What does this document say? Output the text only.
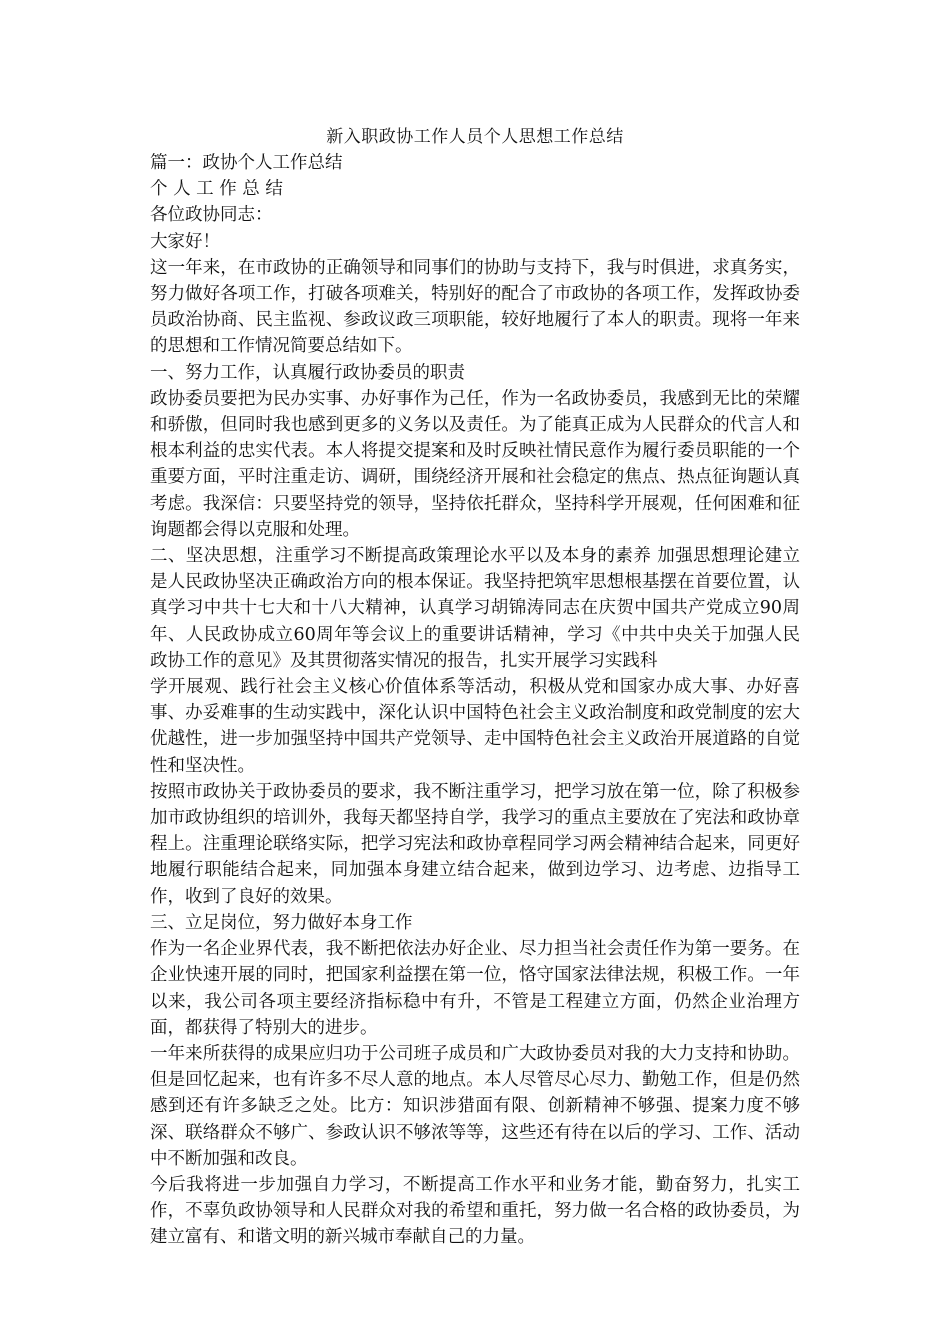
新入职政协工作人员个人思想工作总结

篇一：政协个人工作总结

个 人 工 作 总 结

各位政协同志：

大家好！

这一年来，在市政协的正确领导和同事们的协助与支持下，我与时俱进，求真务实，努力做好各项工作，打破各项难关，特别好的配合了市政协的各项工作，发挥政协委员政治协商、民主监视、参政议政三项职能，较好地履行了本人的职责。现将一年来的思想和工作情况简要总结如下。

一、努力工作，认真履行政协委员的职责

政协委员要把为民办实事、办好事作为己任，作为一名政协委员，我感到无比的荣耀和骄傲，但同时我也感到更多的义务以及责任。为了能真正成为人民群众的代言人和根本利益的忠实代表。本人将提交提案和及时反映社情民意作为履行委员职能的一个重要方面，平时注重走访、调研，围绕经济开展和社会稳定的焦点、热点征询题认真考虑。我深信：只要坚持党的领导，坚持依托群众，坚持科学开展观，任何困难和征询题都会得以克服和处理。

二、坚决思想，注重学习不断提高政策理论水平以及本身的素养 加强思想理论建立是人民政协坚决正确政治方向的根本保证。我坚持把筑牢思想根基摆在首要位置，认真学习中共十七大和十八大精神，认真学习胡锦涛同志在庆贺中国共产党成立90周年、人民政协成立60周年等会议上的重要讲话精神，学习《中共中央关于加强人民政协工作的意见》及其贯彻落实情况的报告，扎实开展学习实践科

学开展观、践行社会主义核心价值体系等活动，积极从党和国家办成大事、办好喜事、办妥难事的生动实践中，深化认识中国特色社会主义政治制度和政党制度的宏大优越性，进一步加强坚持中国共产党领导、走中国特色社会主义政治开展道路的自觉性和坚决性。

按照市政协关于政协委员的要求，我不断注重学习，把学习放在第一位，除了积极参加市政协组织的培训外，我每天都坚持自学，我学习的重点主要放在了宪法和政协章程上。注重理论联络实际，把学习宪法和政协章程同学习两会精神结合起来，同更好地履行职能结合起来，同加强本身建立结合起来，做到边学习、边考虑、边指导工作，收到了良好的效果。

三、立足岗位，努力做好本身工作

作为一名企业界代表，我不断把依法办好企业、尽力担当社会责任作为第一要务。在企业快速开展的同时，把国家利益摆在第一位，恪守国家法律法规，积极工作。一年以来，我公司各项主要经济指标稳中有升，不管是工程建立方面，仍然企业治理方面，都获得了特别大的进步。

一年来所获得的成果应归功于公司班子成员和广大政协委员对我的大力支持和协助。但是回忆起来，也有许多不尽人意的地点。本人尽管尽心尽力、勤勉工作，但是仍然感到还有许多缺乏之处。比方：知识涉猎面有限、创新精神不够强、提案力度不够深、联络群众不够广、参政认识不够浓等等，这些还有待在以后的学习、工作、活动中不断加强和改良。

今后我将进一步加强自力学习，不断提高工作水平和业务才能，勤奋努力，扎实工作，不辜负政协领导和人民群众对我的希望和重托，努力做一名合格的政协委员，为建立富有、和谐文明的新兴城市奉献自己的力量。
